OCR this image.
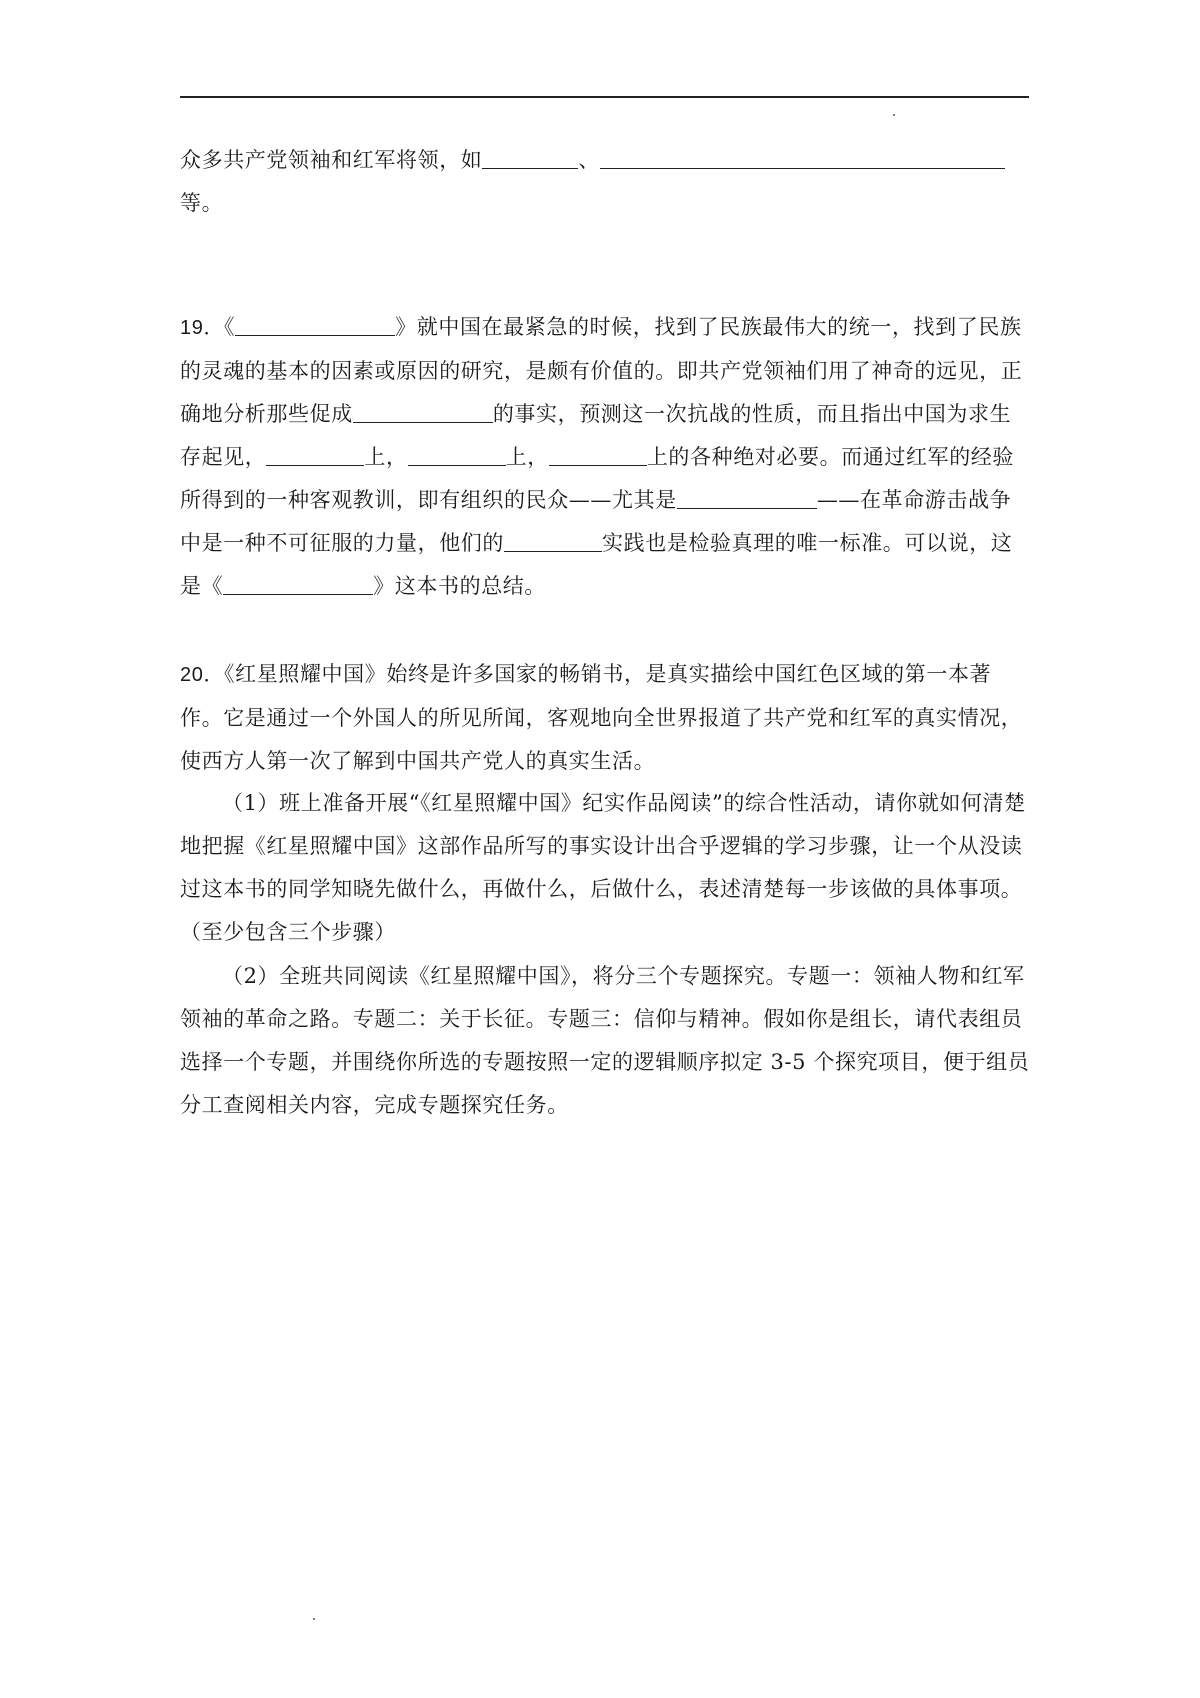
众多共产党领袖和红军将领，如	、
等。

19．《	》就中国在最紧急的时候，找到了民族最伟大的统一，找到了民族的灵魂的基本的因素或原因的研究，是颇有价值的。即共产党领袖们用了神奇的远见，正确地分析那些促成	的事实，预测这一次抗战的性质，而且指出中国为求生存起见，	上，	上，	上的各种绝对必要。而通过红军的经验所得到的一种客观教训，即有组织的民众——尤其是	——在革命游击战争中是一种不可征服的力量，他们的	实践也是检验真理的唯一标准。可以说，这是《	》这本书的总结。

20．《红星照耀中国》始终是许多国家的畅销书，是真实描绘中国红色区域的第一本著作。它是通过一个外国人的所见所闻，客观地向全世界报道了共产党和红军的真实情况，使西方人第一次了解到中国共产党人的真实生活。

（1）班上准备开展“《红星照耀中国》纪实作品阅读”的综合性活动，请你就如何清楚地把握《红星照耀中国》这部作品所写的事实设计出合乎逻辑的学习步骤，让一个从没读过这本书的同学知晓先做什么，再做什么，后做什么，表述清楚每一步该做的具体事项。（至少包含三个步骤）

（2）全班共同阅读《红星照耀中国》，将分三个专题探究。专题一：领袖人物和红军领袖的革命之路。专题二：关于长征。专题三：信仰与精神。假如你是组长，请代表组员选择一个专题，并围绕你所选的专题按照一定的逻辑顺序拟定 3-5 个探究项目，便于组员分工查阅相关内容，完成专题探究任务。
